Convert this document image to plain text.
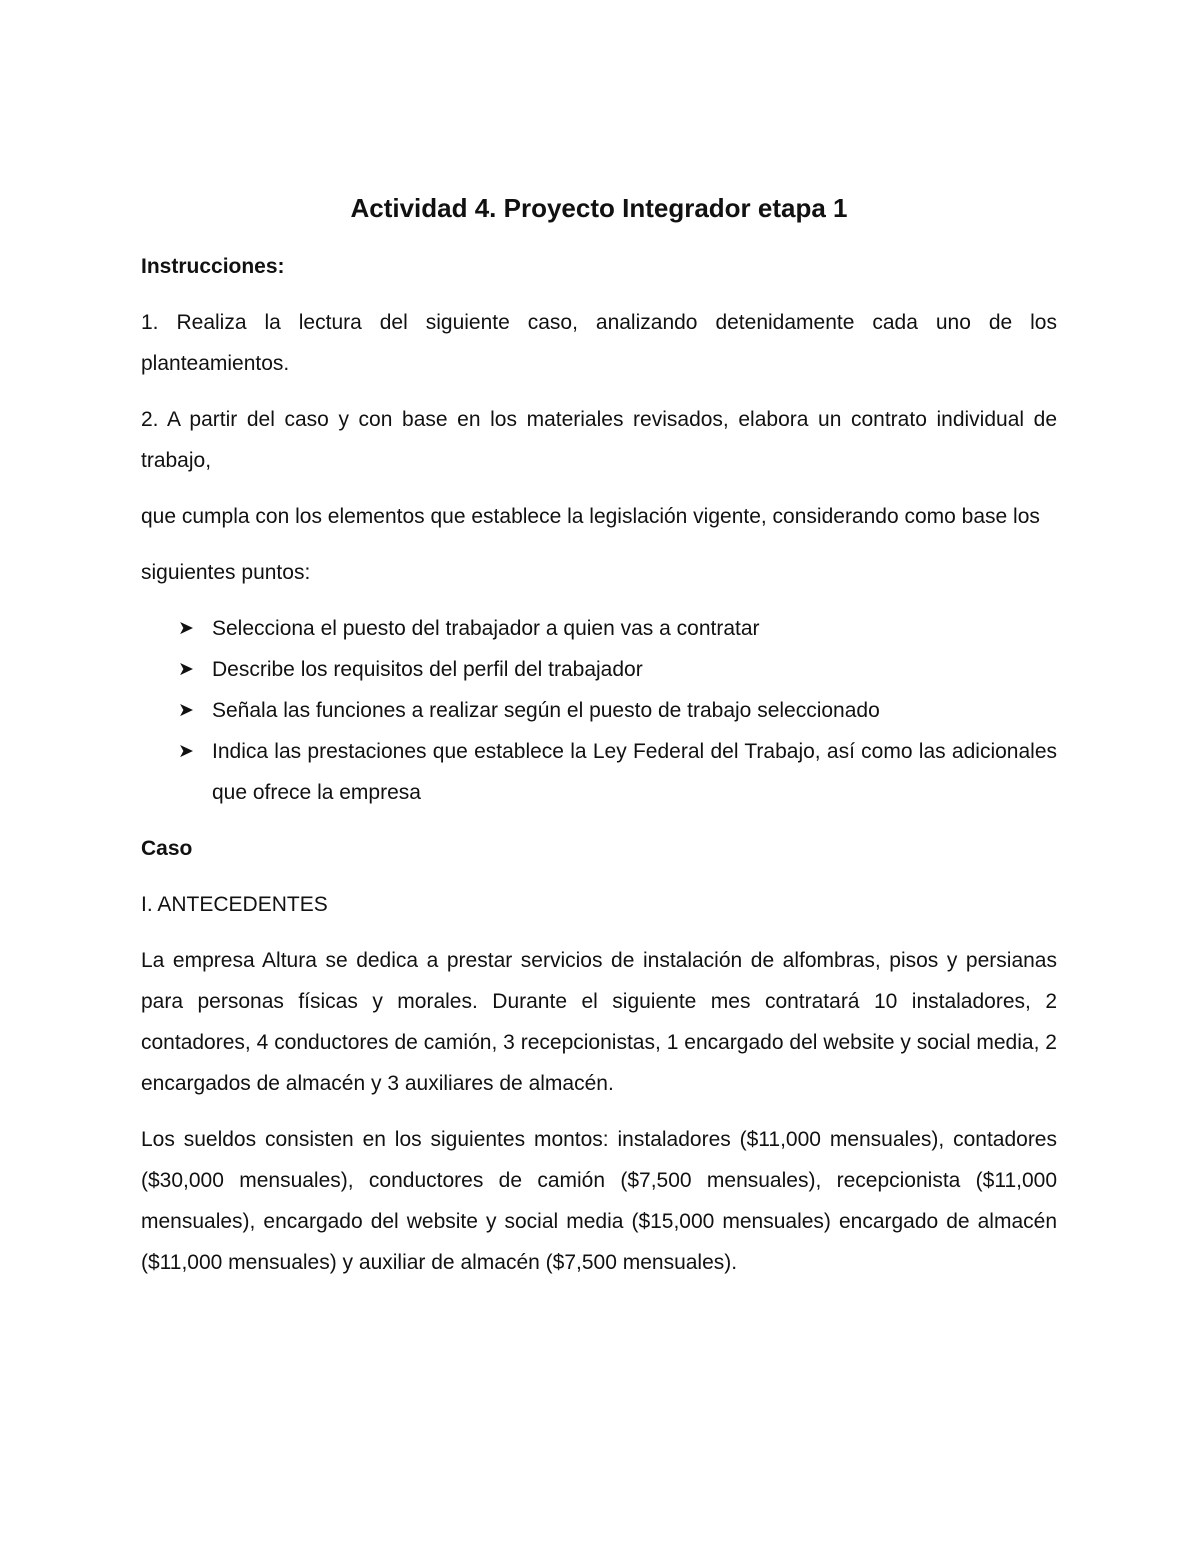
Actividad 4. Proyecto Integrador etapa 1
Instrucciones:

1. Realiza la lectura del siguiente caso, analizando detenidamente cada uno de los planteamientos.

2. A partir del caso y con base en los materiales revisados, elabora un contrato individual de trabajo,

que cumpla con los elementos que establece la legislación vigente, considerando como base los

siguientes puntos:

➤ Selecciona el puesto del trabajador a quien vas a contratar
➤ Describe los requisitos del perfil del trabajador
➤ Señala las funciones a realizar según el puesto de trabajo seleccionado
➤ Indica las prestaciones que establece la Ley Federal del Trabajo, así como las adicionales que ofrece la empresa
Caso

I. ANTECEDENTES

La empresa Altura se dedica a prestar servicios de instalación de alfombras, pisos y persianas para personas físicas y morales. Durante el siguiente mes contratará 10 instaladores, 2 contadores, 4 conductores de camión, 3 recepcionistas, 1 encargado del website y social media, 2 encargados de almacén y 3 auxiliares de almacén.

Los sueldos consisten en los siguientes montos: instaladores ($11,000 mensuales), contadores ($30,000 mensuales), conductores de camión ($7,500 mensuales), recepcionista ($11,000 mensuales), encargado del website y social media ($15,000 mensuales) encargado de almacén ($11,000 mensuales) y auxiliar de almacén ($7,500 mensuales).
